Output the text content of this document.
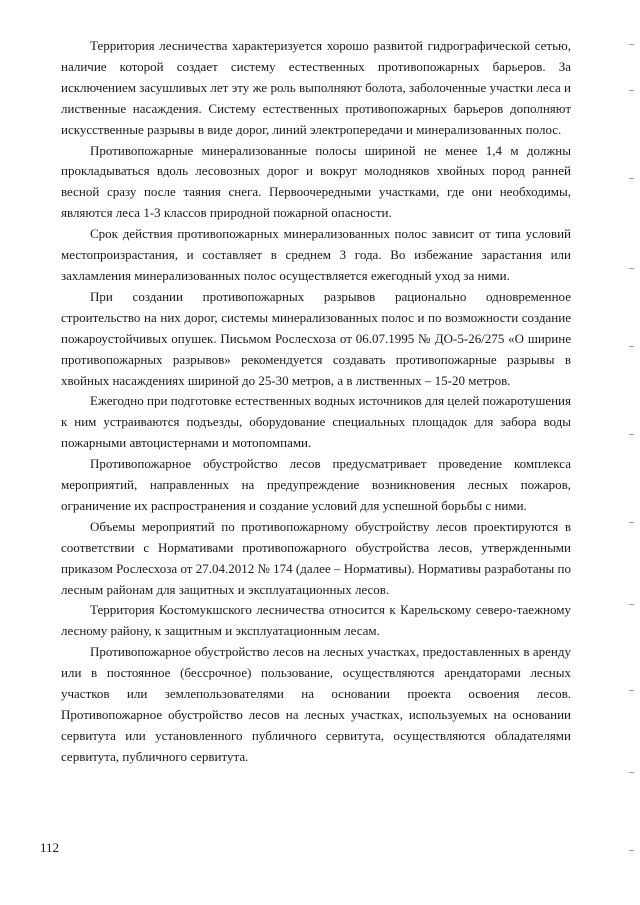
Территория лесничества характеризуется хорошо развитой гидрографической сетью, наличие которой создает систему естественных противопожарных барьеров. За исключением засушливых лет эту же роль выполняют болота, заболоченные участки леса и лиственные насаждения. Систему естественных противопожарных барьеров дополняют искусственные разрывы в виде дорог, линий электропередачи и минерализованных полос.

Противопожарные минерализованные полосы шириной не менее 1,4 м должны прокладываться вдоль лесовозных дорог и вокруг молодняков хвойных пород ранней весной сразу после таяния снега. Первоочередными участками, где они необходимы, являются леса 1-3 классов природной пожарной опасности.

Срок действия противопожарных минерализованных полос зависит от типа условий местопроизрастания, и составляет в среднем 3 года. Во избежание зарастания или захламления минерализованных полос осуществляется ежегодный уход за ними.

При создании противопожарных разрывов рационально одновременное строительство на них дорог, системы минерализованных полос и по возможности создание пожароустойчивых опушек. Письмом Рослесхоза от 06.07.1995 № ДО-5-26/275 «О ширине противопожарных разрывов» рекомендуется создавать противопожарные разрывы в хвойных насаждениях шириной до 25-30 метров, а в лиственных – 15-20 метров.

Ежегодно при подготовке естественных водных источников для целей пожаротушения к ним устраиваются подъезды, оборудование специальных площадок для забора воды пожарными автоцистернами и мотопомпами.

Противопожарное обустройство лесов предусматривает проведение комплекса мероприятий, направленных на предупреждение возникновения лесных пожаров, ограничение их распространения и создание условий для успешной борьбы с ними.

Объемы мероприятий по противопожарному обустройству лесов проектируются в соответствии с Нормативами противопожарного обустройства лесов, утвержденными приказом Рослесхоза от 27.04.2012 № 174 (далее – Нормативы). Нормативы разработаны по лесным районам для защитных и эксплуатационных лесов.

Территория Костомукшского лесничества относится к Карельскому северо-таежному лесному району, к защитным и эксплуатационным лесам.

Противопожарное обустройство лесов на лесных участках, предоставленных в аренду или в постоянное (бессрочное) пользование, осуществляются арендаторами лесных участков или землепользователями на основании проекта освоения лесов. Противопожарное обустройство лесов на лесных участках, используемых на основании сервитута или установленного публичного сервитута, осуществляются обладателями сервитута, публичного сервитута.

112
